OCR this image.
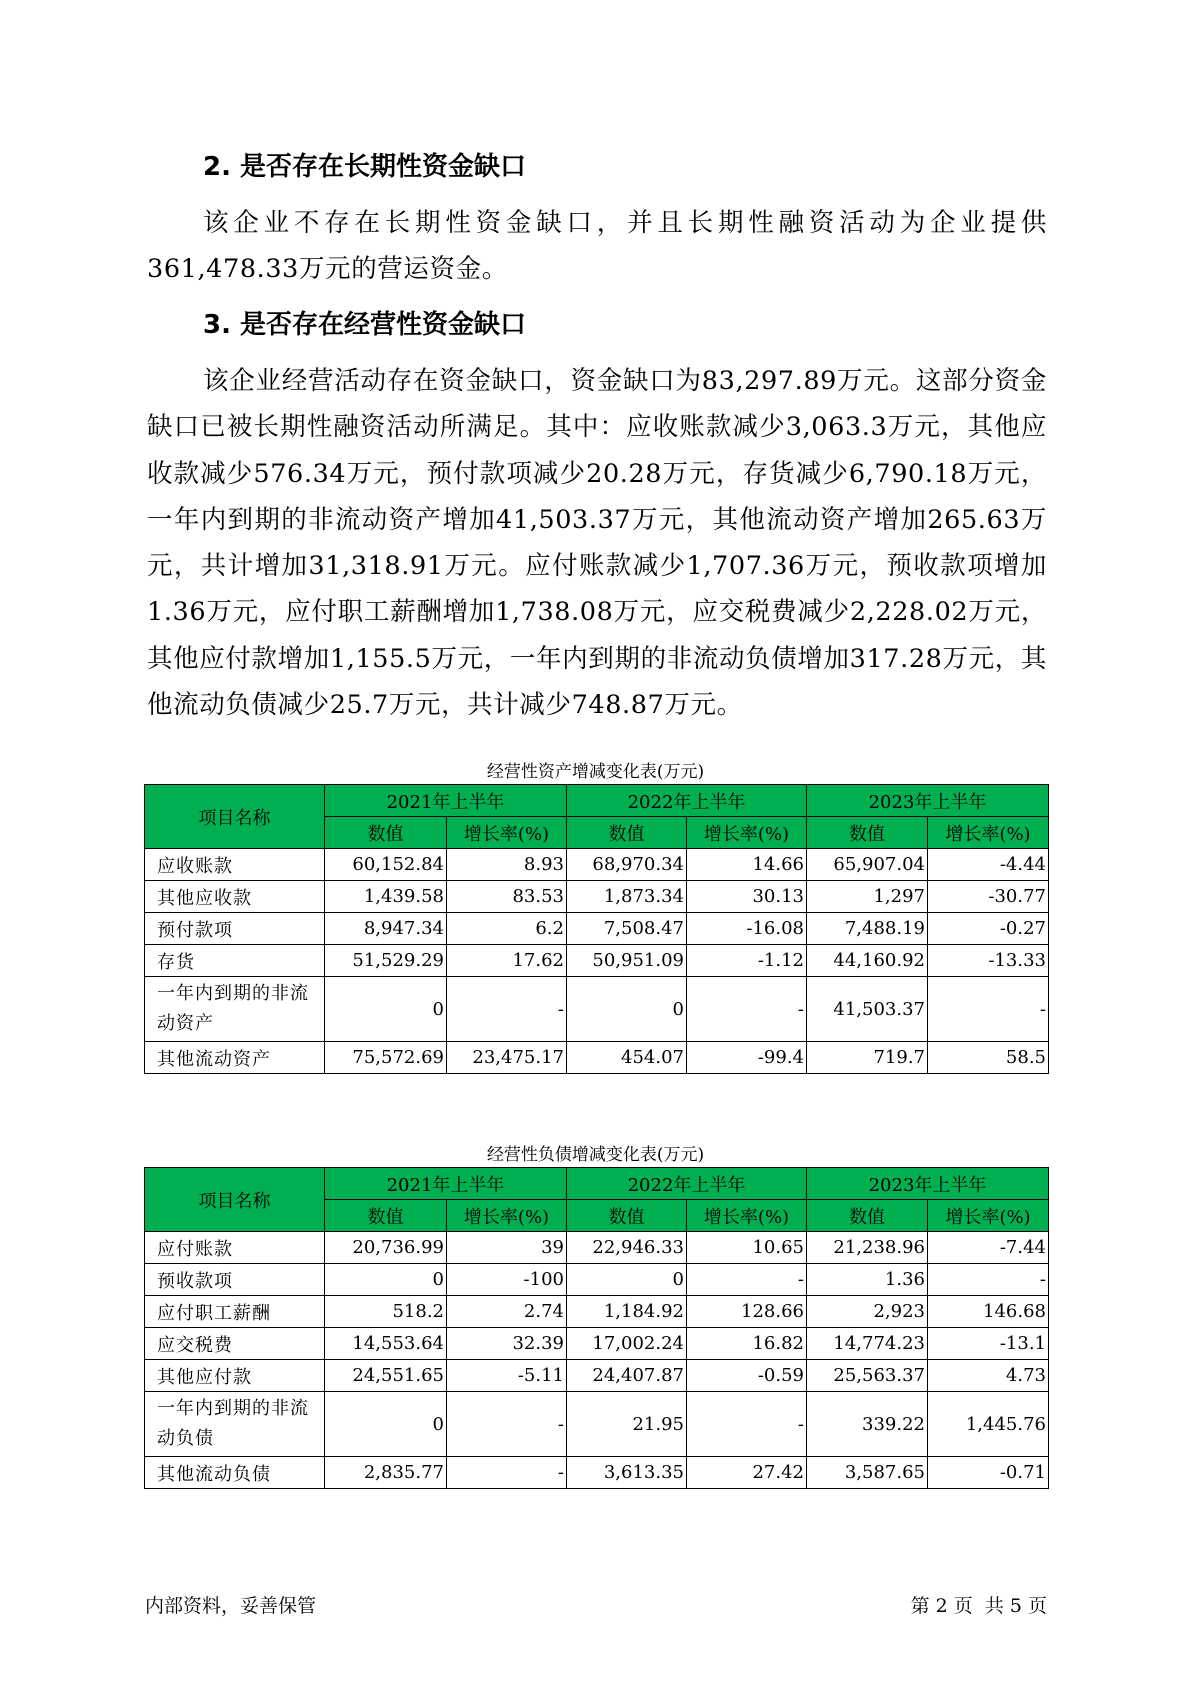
2. 是否存在长期性资金缺口

该企业不存在长期性资金缺口，并且长期性融资活动为企业提供361,478.33万元的营运资金。

3. 是否存在经营性资金缺口

该企业经营活动存在资金缺口，资金缺口为83,297.89万元。这部分资金缺口已被长期性融资活动所满足。其中：应收账款减少3,063.3万元，其他应收款减少576.34万元，预付款项减少20.28万元，存货减少6,790.18万元，一年内到期的非流动资产增加41,503.37万元，其他流动资产增加265.63万元，共计增加31,318.91万元。应付账款减少1,707.36万元，预收款项增加1.36万元，应付职工薪酬增加1,738.08万元，应交税费减少2,228.02万元，其他应付款增加1,155.5万元，一年内到期的非流动负债增加317.28万元，其他流动负债减少25.7万元，共计减少748.87万元。

经营性资产增减变化表(万元)
项目名称	2021年上半年		2022年上半年		2023年上半年	
	数值	增长率(%)	数值	增长率(%)	数值	增长率(%)
应收账款	60,152.84	8.93	68,970.34	14.66	65,907.04	-4.44
其他应收款	1,439.58	83.53	1,873.34	30.13	1,297	-30.77
预付款项	8,947.34	6.2	7,508.47	-16.08	7,488.19	-0.27
存货	51,529.29	17.62	50,951.09	-1.12	44,160.92	-13.33
一年内到期的非流动资产	0	-	0	-	41,503.37	-
其他流动资产	75,572.69	23,475.17	454.07	-99.4	719.7	58.5
经营性负债增减变化表(万元)
项目名称	2021年上半年		2022年上半年		2023年上半年	
	数值	增长率(%)	数值	增长率(%)	数值	增长率(%)
应付账款	20,736.99	39	22,946.33	10.65	21,238.96	-7.44
预收款项	0	-100	0	-	1.36	-
应付职工薪酬	518.2	2.74	1,184.92	128.66	2,923	146.68
应交税费	14,553.64	32.39	17,002.24	16.82	14,774.23	-13.1
其他应付款	24,551.65	-5.11	24,407.87	-0.59	25,563.37	4.73
一年内到期的非流动负债	0	-	21.95	-	339.22	1,445.76
其他流动负债	2,835.77	-	3,613.35	27.42	3,587.65	-0.71
内部资料，妥善保管	第 2 页  共 5 页
